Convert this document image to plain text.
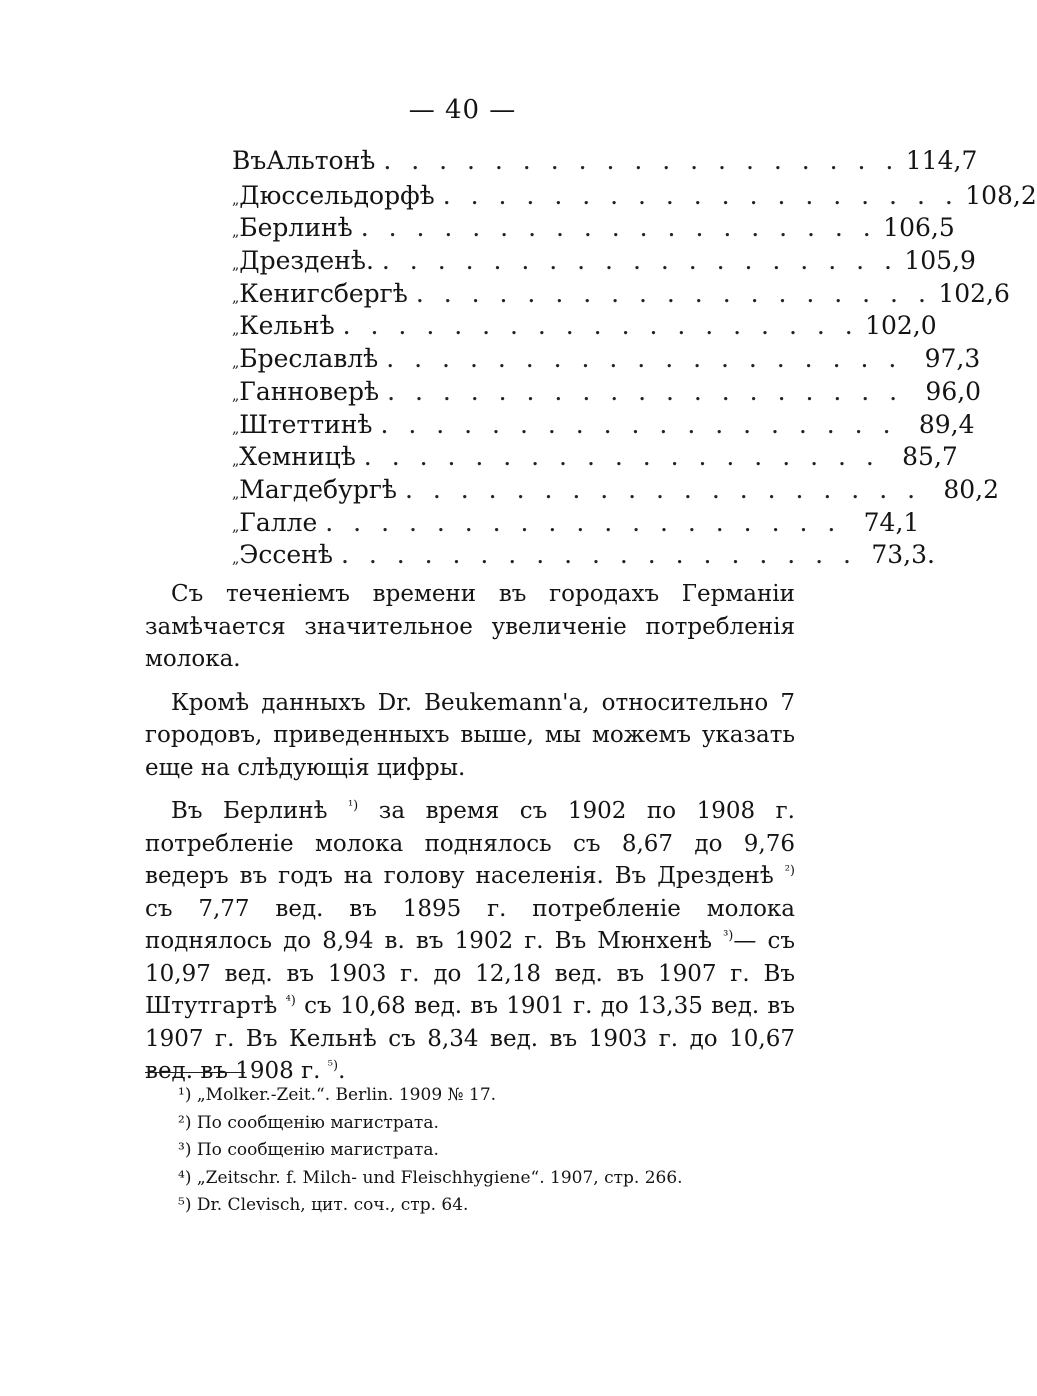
— 40 —
Въ Альтонѣ . . . . . . . . . . . . . . . . . . . 114,7
„ Дюссельдорфѣ . . . . . . . . . . . . . . . . . . . 108,2
„ Берлинѣ . . . . . . . . . . . . . . . . . . . 106,5
„ Дрезденѣ. . . . . . . . . . . . . . . . . . . . 105,9
„ Кенигсбергѣ . . . . . . . . . . . . . . . . . . . 102,6
„ Кельнѣ . . . . . . . . . . . . . . . . . . . 102,0
„ Бреславлѣ . . . . . . . . . . . . . . . . . . . 97,3
„ Ганноверѣ . . . . . . . . . . . . . . . . . . . 96,0
„ Штеттинѣ . . . . . . . . . . . . . . . . . . . 89,4
„ Хемницѣ . . . . . . . . . . . . . . . . . . . 85,7
„ Магдебургѣ . . . . . . . . . . . . . . . . . . . 80,2
„ Галле . . . . . . . . . . . . . . . . . . . 74,1
„ Эссенѣ . . . . . . . . . . . . . . . . . . . 73,3.

Съ теченіемъ времени въ городахъ Германіи замѣчается значительное увеличеніе потребленія молока.

Кромѣ данныхъ Dr. Beukemann'а, относительно 7 городовъ, приведенныхъ выше, мы можемъ указать еще на слѣдующія цифры.

Въ Берлинѣ $^{^1)}$ за время съ 1902 по 1908 г. потребленіе молока поднялось съ 8,67 до 9,76 ведеръ въ годъ на голову населенія. Въ Дрезденѣ $^{^2)}$ съ 7,77 вед. въ 1895 г. потребленіе молока поднялось до 8,94 в. въ 1902 г. Въ Мюнхенѣ $^{^3)}$— съ 10,97 вед. въ 1903 г. до 12,18 вед. въ 1907 г. Въ Штутгартѣ $^{^4)}$ съ 10,68 вед. въ 1901 г. до 13,35 вед. въ 1907 г. Въ Кельнѣ съ 8,34 вед. въ 1903 г. до 10,67 вед. въ 1908 г. $^{^5)}$.

¹) „Molker.-Zeit.“. Berlin. 1909 № 17.
²) По сообщенію магистрата.
³) По сообщенію магистрата.
⁴) „Zeitschr. f. Milch- und Fleischhygiene“. 1907, стр. 266.
⁵) Dr. Clevisch, цит. соч., стр. 64.
